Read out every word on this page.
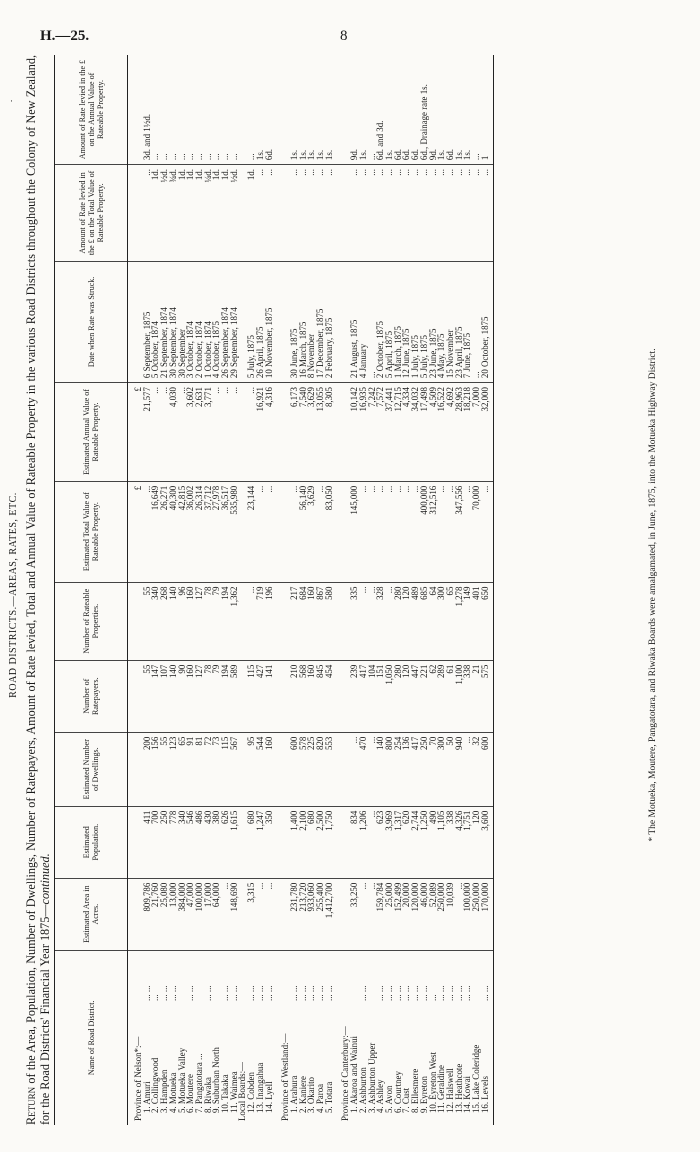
H.—25.	8
·
ROAD DISTRICTS.—AREAS, RATES, ETC.
Return of the Area, Population, Number of Dwellings, Number of Ratepayers, Amount of Rate levied, Total and Annual Value of Rateable Property in the various Road Districts throughout the Colony of New Zealand, for the Road Districts' Financial Year 1875—continued.
Name of Road District.	Estimated Area in Acres.	Estimated Population.	Estimated Number of Dwellings.	Number of Ratepayers.	Number of Rateable Properties.	Estimated Total Value of Rateable Property.	Estimated Annual Value of Rateable Property.	Date when Rate was Struck.	Amount of Rate levied in the £ on the Total Value of Rateable Property.	Amount of Rate levied in the £ on the Annual Value of Rateable Property.
Province of Nelson*:—						£	£			
1. Amuri... ...	809,786	411	200	55	55	...	21,577	6 September, 1875	...	3d. and 1½d.
2. Collingwood...	21,760	700	156	147	340	16,649	...	5 October, 1874	1d.	...
3. Hampden... ...	25,080	250	55	107	268	26,271	...	21 September, 1874	½d.	...
4. Motueka... ...	13,000	778	123	140	140	40,300	4,030	30 September, 1874	¾d.	...
5. Motueka Valley	384,000	340	65	90	96	42,815	...	30 September	1d.	...
6. Moutere... ...	47,000	546	91	160	160	36,002	3,602	3 October, 1874	1d.	...
7. Pangatotara ...	100,000	486	81	127	127	26,314	2,631	2 October, 1874	1d.	...
8. Riwaka... ...	17,000	430	72	78	78	37,712	3,771	1 October, 1874	¼d.	...
9. Suburban North	64,000	380	73	79	79	27,978	...	4 October, 1875	1d.	...
10. Takaka... ...	...	626	115	194	194	36,517	...	26 September, 1874	1d.	...
11. Waimea... ...	148,690	1,615	567	589	1,362	535,980	...	29 September, 1874	½d.	...
Local Boards:—										
12. Cobden... ...	3,315	680	95	115	...	23,144	...	5 July, 1875	1d.	...
13. Inangahua... ...	...	1,247	544	427	719	...	16,921	26 April, 1875	...	1s.
14. Lyell... ...	...	350	160	141	196	...	4,316	10 November, 1875	...	6d.
Province of Westland:—										
1. Arahura... ...	231,780	1,400	600	210	217	...	6,173	30 June, 1875	...	1s.
2. Kaniere... ...	213,720	2,100	578	568	684	56,140	7,540	16 March, 1875	...	1s.
3. Okarito... ...	933,060	680	225	160	160	3,629	3,629	8 November	...	1s.
4. Paroa... ...	255,400	2,500	820	845	867	...	13,055	17 December, 1875	...	1s.
5. Totara... ...	1,412,700	1,750	553	454	580	83,050	8,305	2 February, 1875	...	1s.
Province of Canterbury:—										
1. Akaroa and Wainui	33,250	834	...	239	335	145,000	10,142	21 August, 1875	...	9d.
2. Ashburton... ...	...	1,206	470	417	...	...	16,935	4 January	...	1s.
3. Ashburton Upper	...	...	...	104	...	...	7,242	...	...	...
4. Ashley... ...	159,784	623	140	151	328	...	7,572	2 October, 1875	...	6d. and 3d.
5. Avon... ...	25,000	3,969	800	1,050	...	...	37,441	5 April, 1875	...	1s.
6. Courtney... ...	152,499	1,317	254	280	280	...	12,715	1 March, 1875	...	6d.
7. Cust... ...	20,000	620	136	120	120	...	4,334	12 June, 1875	...	6d.
8. Ellesmere... ...	120,000	2,744	417	447	489	...	34,032	1 July, 1875	...	6d.
9. Eyreton... ...	46,000	1,250	250	221	685	400,000	17,498	5 July, 1875	...	6d., Drainage rate 1s.
10. Eyreton West...	52,089	490	70	62	64	312,516	4,509	23 June, 1875	...	9d.
11. Geraldine... ...	250,000	1,105	300	289	300	...	16,522	4 May, 1875	...	1s.
12. Halswell... ...	10,039	338	50	61	65	...	4,692	15 November	...	6d.
13. Heathcote... ...	...	4,326	940	1,100	1,278	347,556	28,963	23 April, 1875	...	1s.
14. Kowai... ...	100,000	1,751	...	338	149	...	18,218	7 June, 1875	...	1s.
15. Lake Coleridge	250,000	120	32	21	401	70,000	7,000	...	...	...
16. Levels... ...	170,000	3,600	600	575	650	...	32,000	20 October, 1875	...	1
* The Motueka, Moutere, Pangatotara, and Riwaka Boards were amalgamated, in June, 1875, into the Motueka Highway District.
